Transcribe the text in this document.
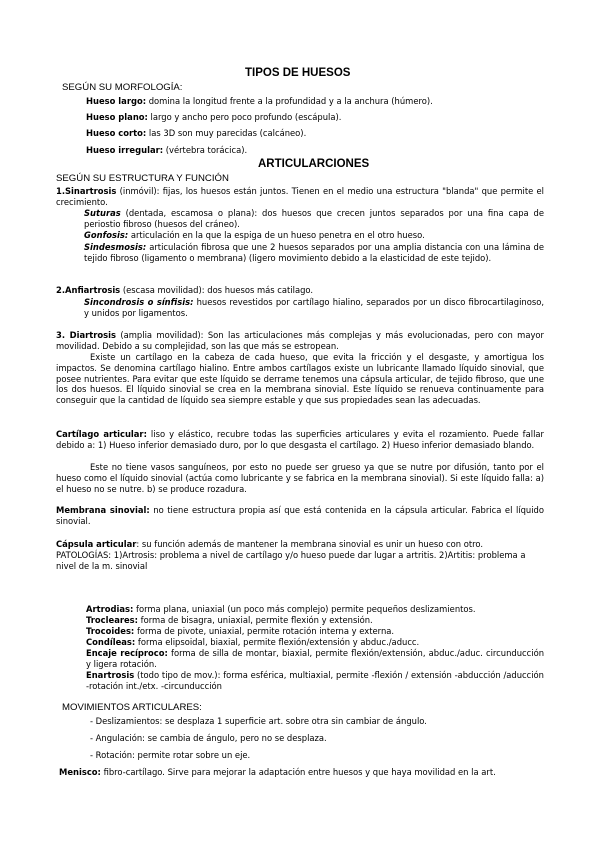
TIPOS DE HUESOS
SEGÚN SU MORFOLOGÍA:
Hueso largo: domina la longitud frente a la profundidad y a la anchura (húmero).
Hueso plano: largo y ancho pero poco profundo (escápula).
Hueso corto: las 3D son muy parecidas (calcáneo).
Hueso irregular: (vértebra torácica).
ARTICULARCIONES
SEGÚN SU ESTRUCTURA Y FUNCIÓN
1.Sinartrosis (inmóvil): fijas, los huesos están juntos. Tienen en el medio una estructura "blanda" que permite el crecimiento.
Suturas (dentada, escamosa o plana): dos huesos que crecen juntos separados por una fina capa de periostio fibroso (huesos del cráneo).
Gonfosis: articulación en la que la espiga de un hueso penetra en el otro hueso.
Sindesmosis: articulación fibrosa que une 2 huesos separados por una amplia distancia con una lámina de tejido fibroso (ligamento o membrana) (ligero movimiento debido a la elasticidad de este tejido).
2.Anfiartrosis (escasa movilidad): dos huesos más catilago.
Sincondrosis o sínfisis: huesos revestidos por cartílago hialino, separados por un disco fibrocartilaginoso, y unidos por ligamentos.
3. Diartrosis (amplia movilidad): Son las articulaciones más complejas y más evolucionadas, pero con mayor movilidad. Debido a su complejidad, son las que más se estropean.
Existe un cartílago en la cabeza de cada hueso, que evita la fricción y el desgaste, y amortigua los impactos. Se denomina cartílago hialino. Entre ambos cartílagos existe un lubricante llamado líquido sinovial, que posee nutrientes. Para evitar que este líquido se derrame tenemos una cápsula articular, de tejido fibroso, que une los dos huesos. El líquido sinovial se crea en la membrana sinovial. Este líquido se renueva continuamente para conseguir que la cantidad de líquido sea siempre estable y que sus propiedades sean las adecuadas.
Cartílago articular: liso y elástico, recubre todas las superficies articulares y evita el rozamiento. Puede fallar debido a: 1) Hueso inferior demasiado duro, por lo que desgasta el cartílago. 2) Hueso inferior demasiado blando.
Este no tiene vasos sanguíneos, por esto no puede ser grueso ya que se nutre por difusión, tanto por el hueso como el líquido sinovial (actúa como lubricante y se fabrica en la membrana sinovial). Si este líquido falla: a) el hueso no se nutre. b) se produce rozadura.
Membrana sinovial: no tiene estructura propia así que está contenida en la cápsula articular. Fabrica el líquido sinovial.
Cápsula articular: su función además de mantener la membrana sinovial es unir un hueso con otro.
PATOLOGÍAS: 1)Artrosis: problema a nivel de cartílago y/o hueso puede dar lugar a artritis. 2)Artitis: problema a nivel de la m. sinovial
Artrodias: forma plana, uniaxial (un poco más complejo) permite pequeños deslizamientos.
Trocleares: forma de bisagra, uniaxial, permite flexión y extensión.
Trocoides: forma de pivote, uniaxial, permite rotación interna y externa.
Condíleas: forma elipsoidal, biaxial, permite flexión/extensión y abduc./aducc.
Encaje recíproco: forma de silla de montar, biaxial, permite flexión/extensión, abduc./aduc. circunducción y ligera rotación.
Enartrosis (todo tipo de mov.): forma esférica, multiaxial, permite -flexión / extensión -abducción /aducción -rotación int./etx. -circunducción
MOVIMIENTOS ARTICULARES:
- Deslizamientos: se desplaza 1 superficie art. sobre otra sin cambiar de ángulo.
- Angulación: se cambia de ángulo, pero no se desplaza.
- Rotación: permite rotar sobre un eje.
Menisco: fibro-cartílago. Sirve para mejorar la adaptación entre huesos y que haya movilidad en la art.
